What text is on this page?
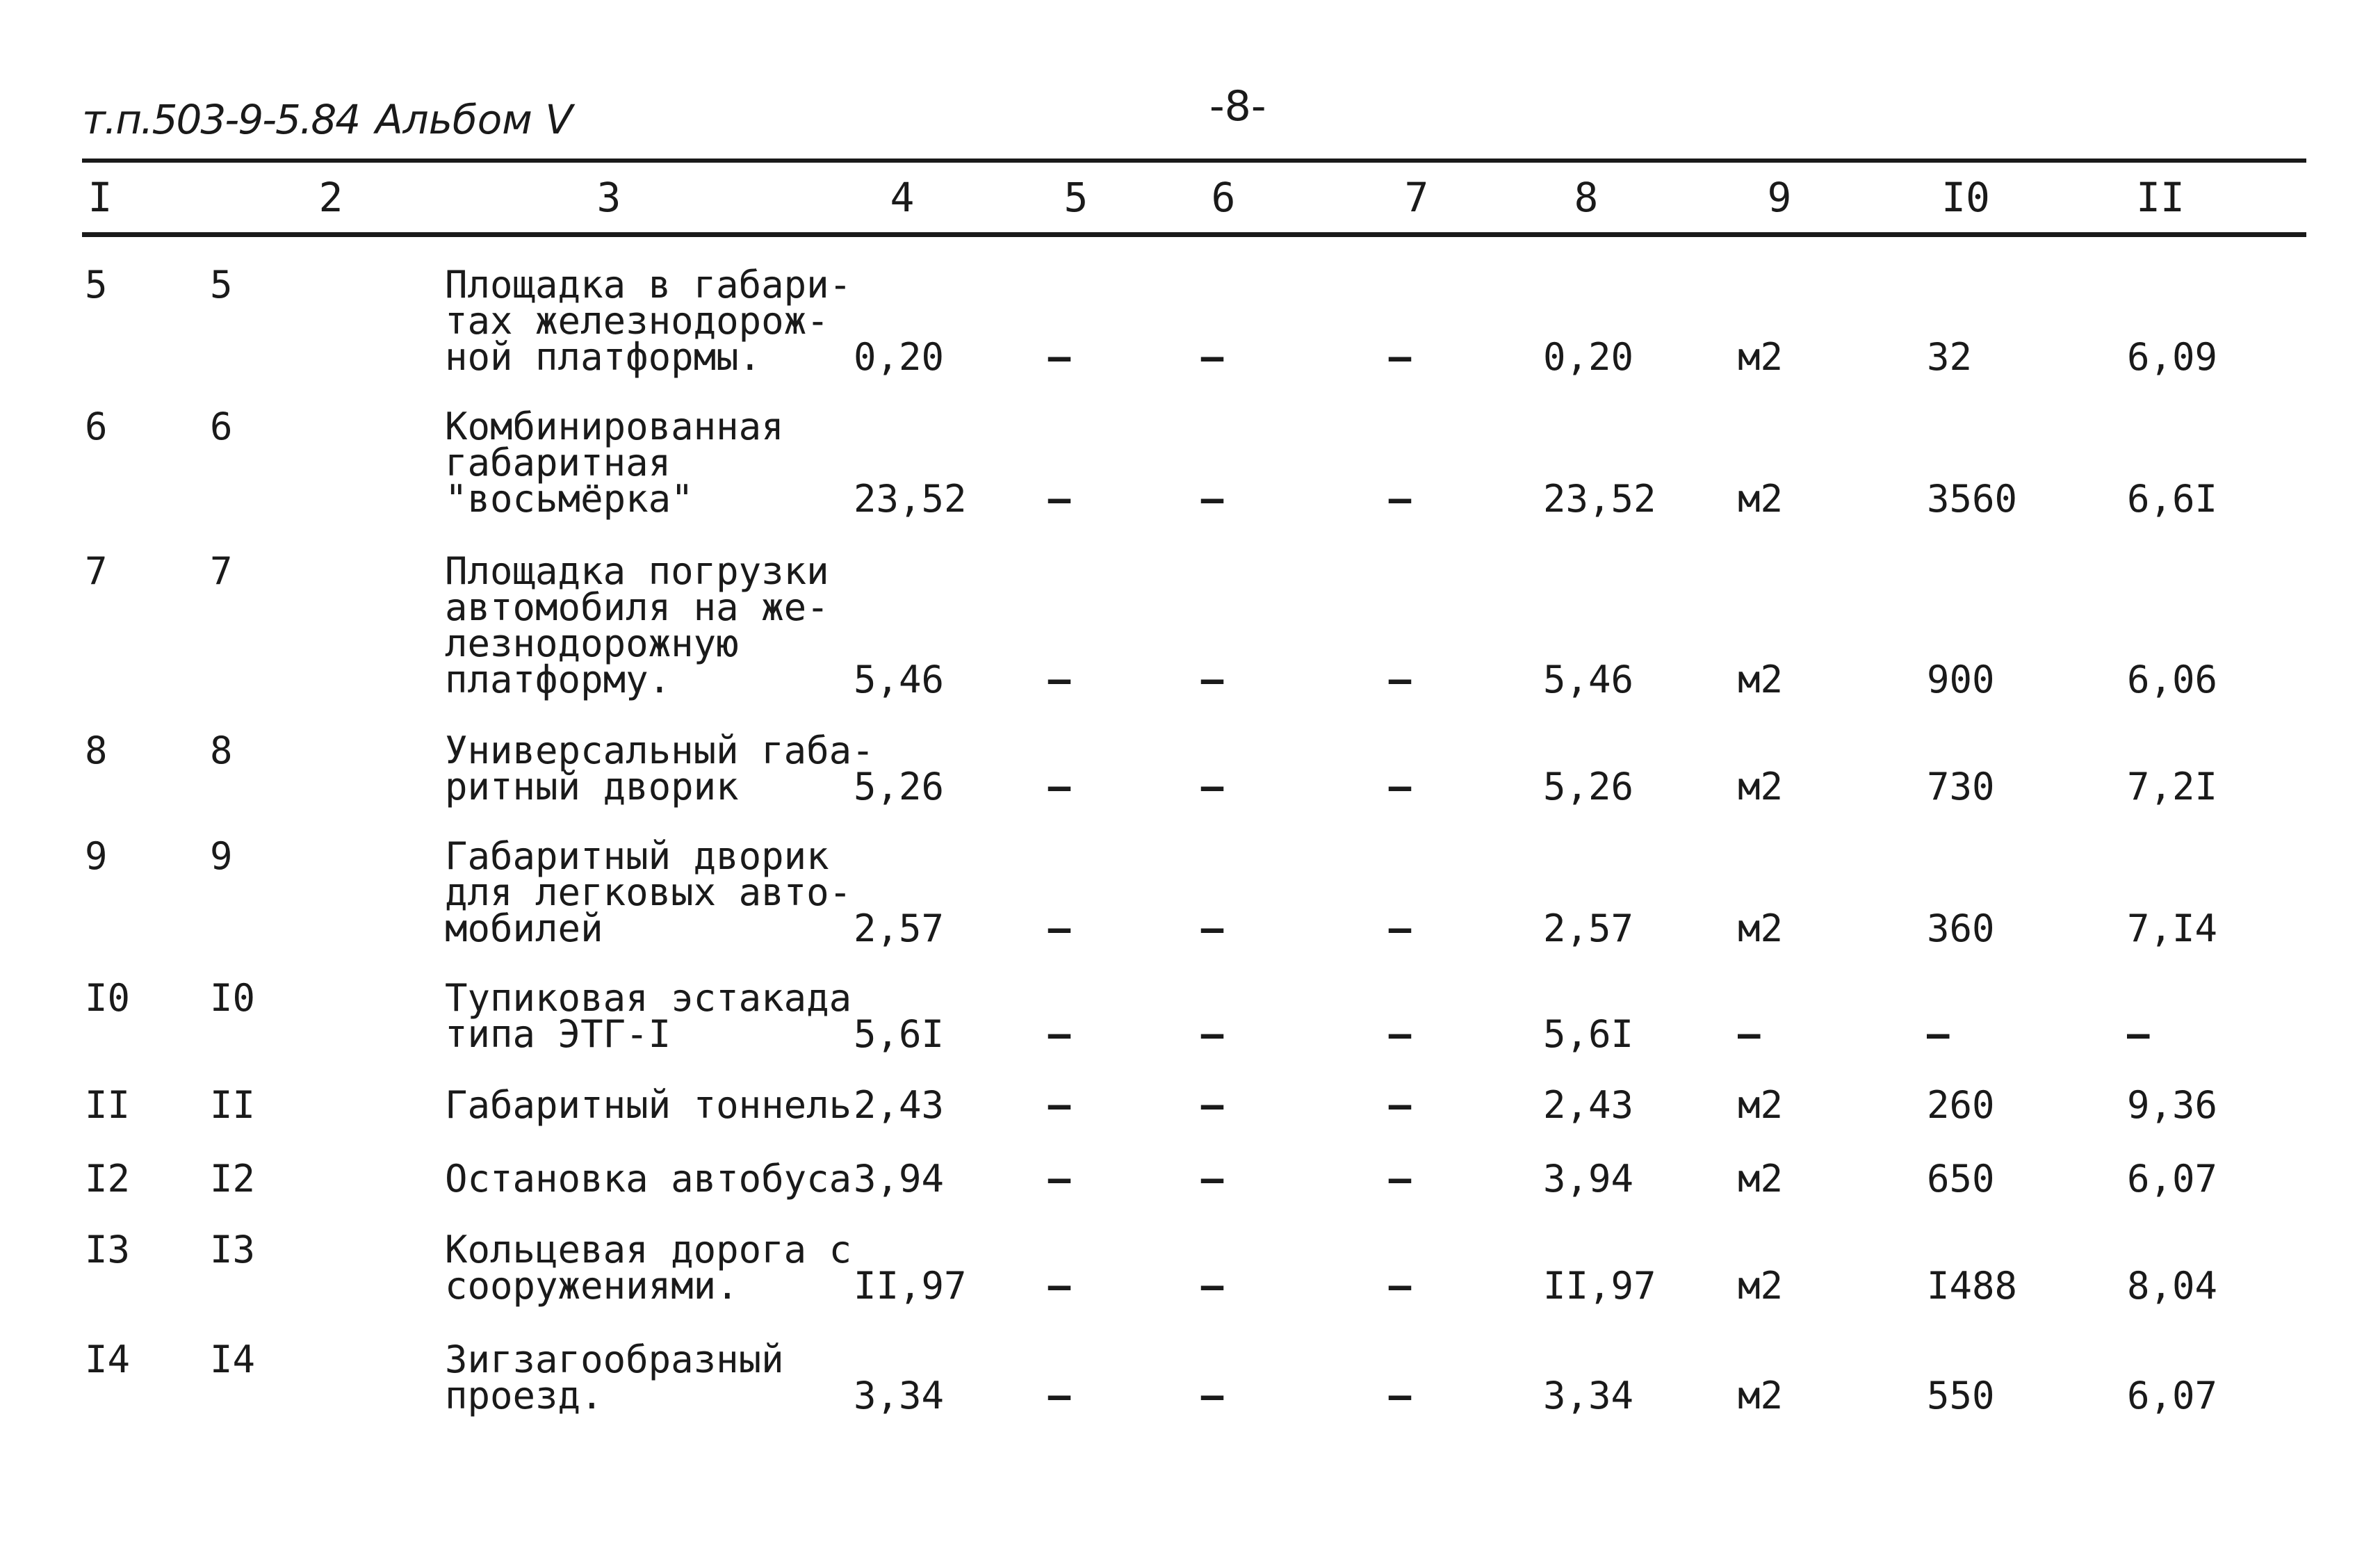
т.п.503-9-5.84 Альбом V	-8-
I	2	3	4	5	6	7	8	9	I0	II
5	5	Площадка в габари-
тах железнодорож-
ной платформы.	0,20	–	–	–	0,20	м2	32	6,09
6	6	Комбинированная
габаритная
"восьмёрка"	23,52 –	–	–	23,52 м2	3560	6,6I
7	7	Площадка погрузки
автомобиля на же-
лезнодорожную
платформу.	5,46	–	–	–	5,46	м2	900	6,06
8	8	Универсальный габа-
ритный дворик	5,26	–	–	–	5,26	м2	730	7,2I
9	9	Габаритный дворик
для легковых авто-
мобилей	2,57	–	–	–	2,57	м2	360	7,I4
I0 I0	Тупиковая эстакада
типа ЭТГ-I	5,6I	–	–	–	5,6I	–	–	–
II II	Габаритный тоннель 2,43	–	–	–	2,43	м2	260	9,36
I2 I2	Остановка автобуса 3,94	–	–	–	3,94	м2	650	6,07
I3 I3	Кольцевая дорога с
сооружениями.	II,97 –	–	–	II,97 м2	I488	8,04
I4 I4	Зигзагообразный
проезд.	3,34	–	–	–	3,34	м2	550	6,07
